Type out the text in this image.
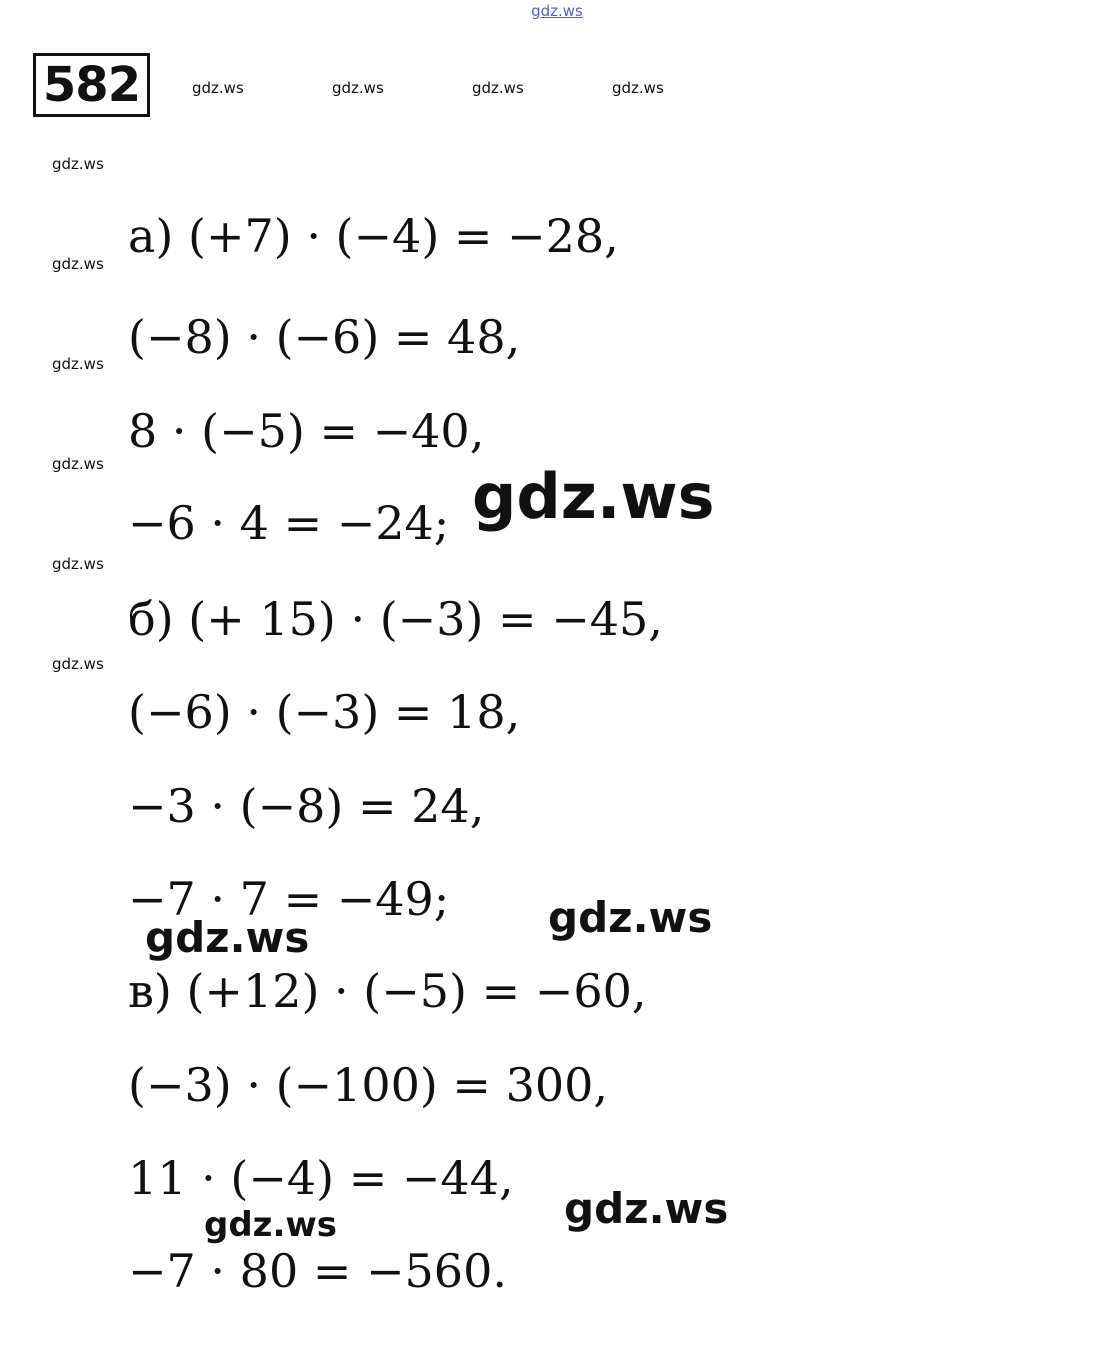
gdz.ws
582	gdz.ws	gdz.ws	gdz.ws	gdz.ws
gdz.ws
gdz.ws
gdz.ws
gdz.ws
gdz.ws
gdz.ws
а) (+7) · (−4) = −28,
(−8) · (−6) = 48,
8 · (−5) = −40,
−6 · 4 = −24;
б) (+ 15) · (−3) = −45,
(−6) · (−3) = 18,
−3 · (−8) = 24,
−7 · 7 = −49;
в) (+12) · (−5) = −60,
(−3) · (−100) = 300,
11 · (−4) = −44,
−7 · 80 = −560.
gdz.ws
gdz.ws
gdz.ws
gdz.ws
gdz.ws
